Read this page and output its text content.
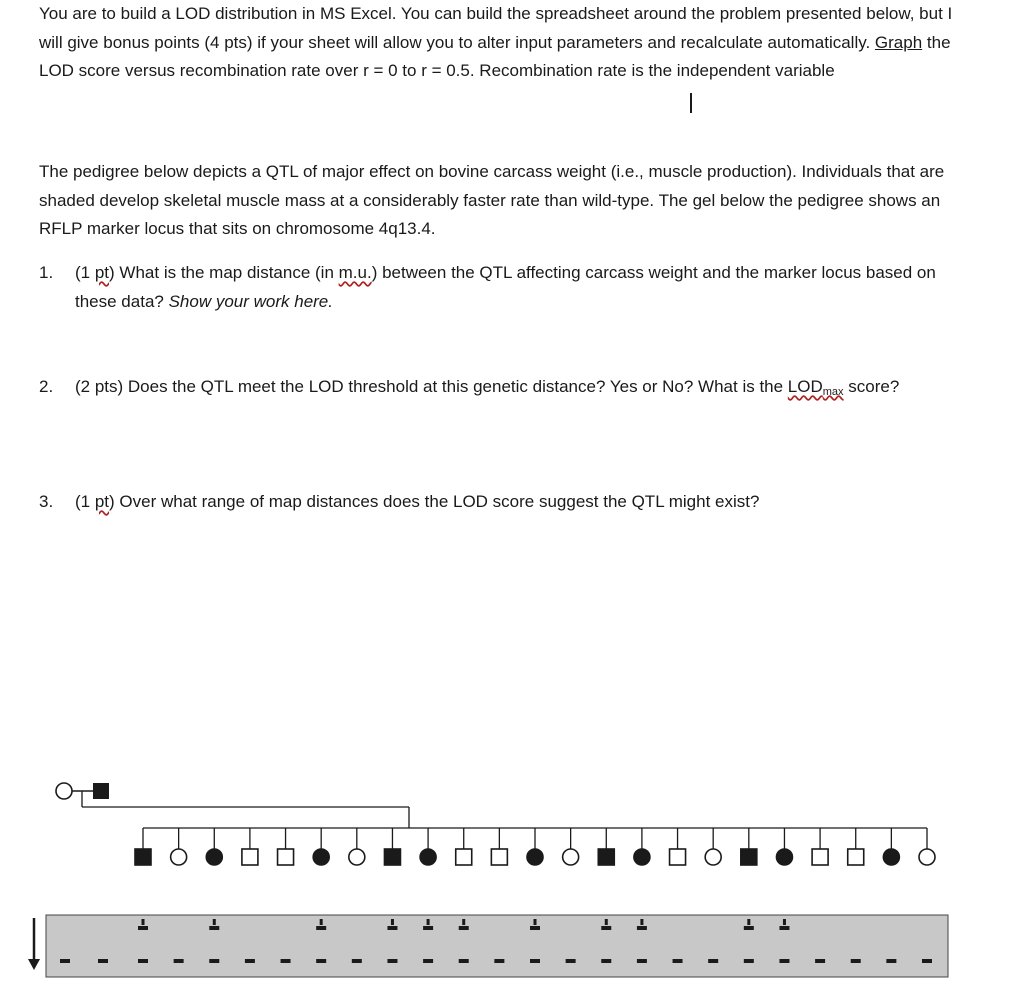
You are to build a LOD distribution in MS Excel. You can build the spreadsheet around the problem presented below, but I will give bonus points (4 pts) if your sheet will allow you to alter input parameters and recalculate automatically. Graph the LOD score versus recombination rate over r = 0 to r = 0.5. Recombination rate is the independent variable
The pedigree below depicts a QTL of major effect on bovine carcass weight (i.e., muscle production). Individuals that are shaded develop skeletal muscle mass at a considerably faster rate than wild-type. The gel below the pedigree shows an RFLP marker locus that sits on chromosome 4q13.4.
1. (1 pt) What is the map distance (in m.u.) between the QTL affecting carcass weight and the marker locus based on these data? Show your work here.
2. (2 pts) Does the QTL meet the LOD threshold at this genetic distance? Yes or No? What is the $LOD_{max}$ score?
3. (1 pt) Over what range of map distances does the LOD score suggest the QTL might exist?
